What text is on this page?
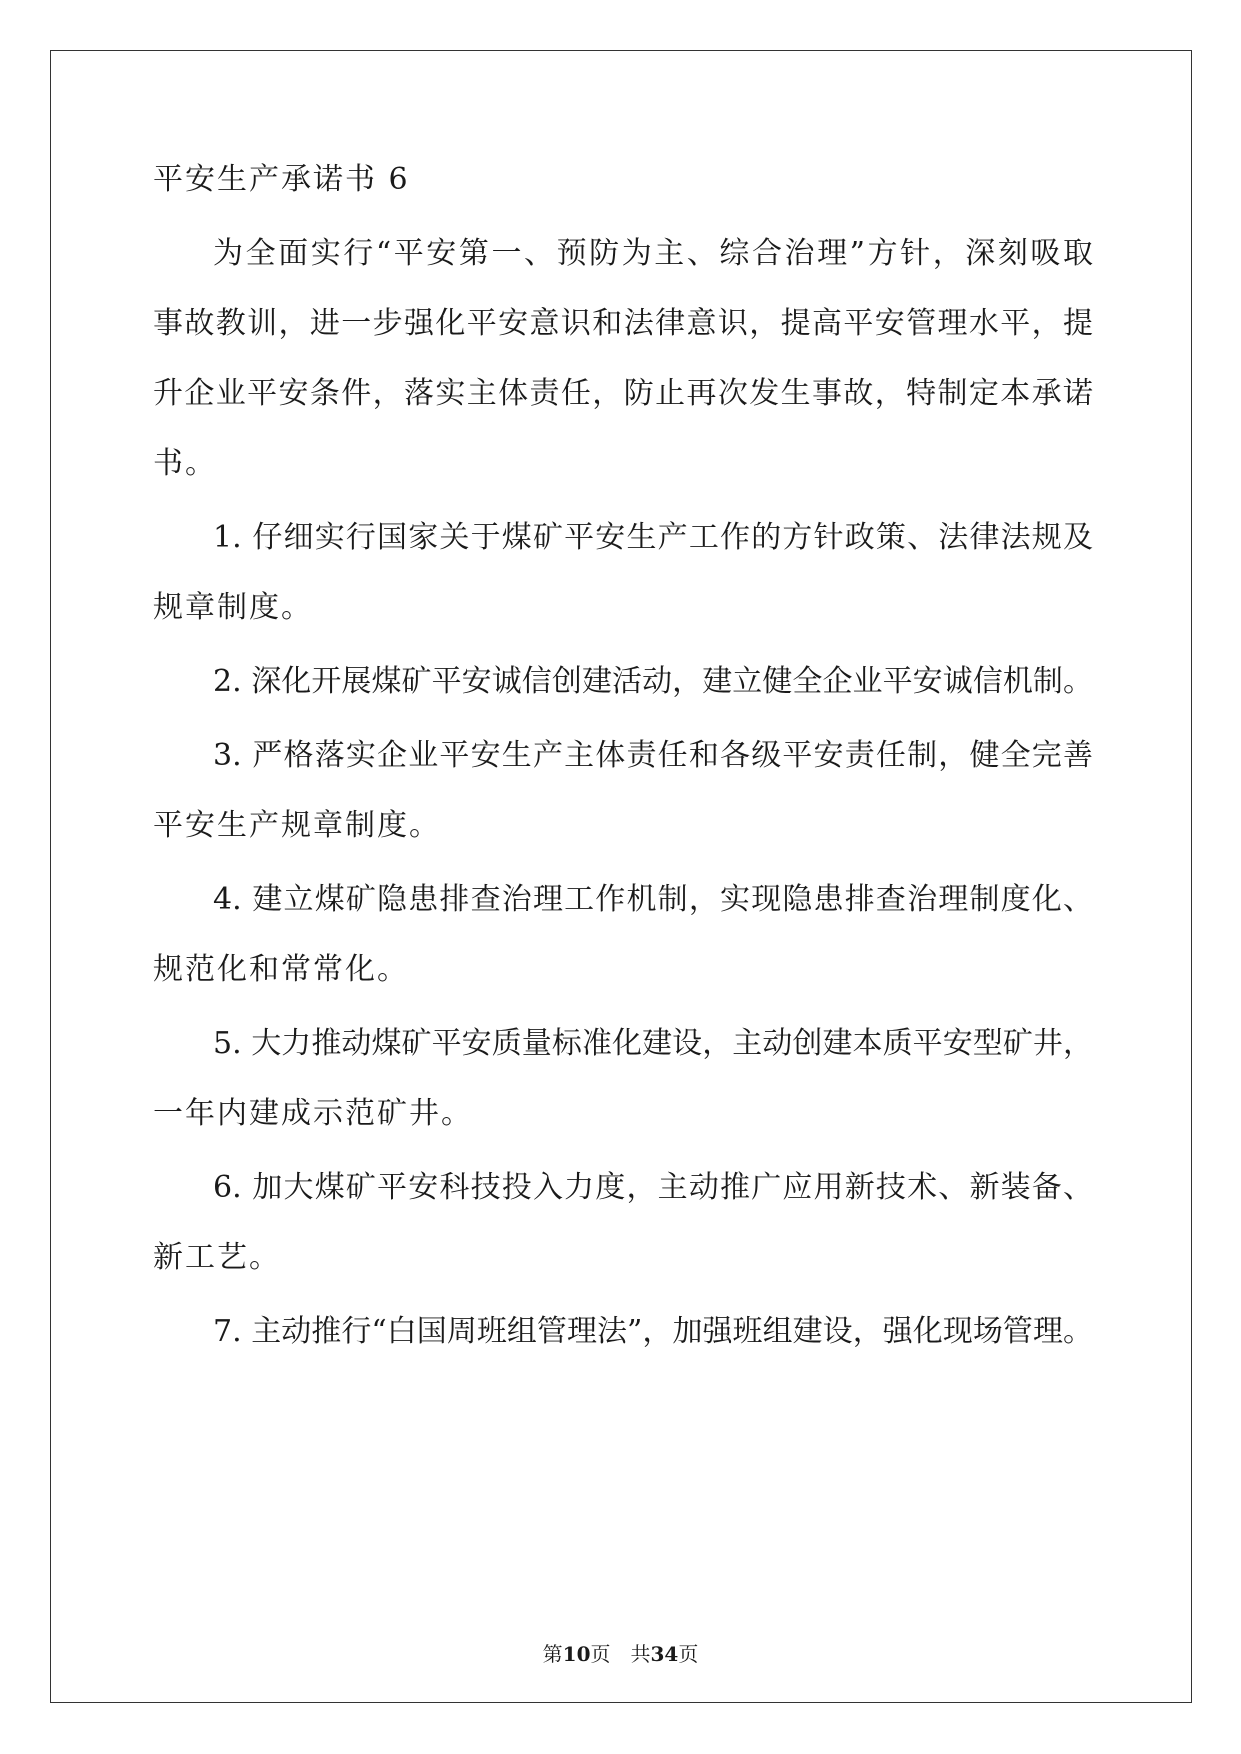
平安生产承诺书 6
为全面实行“平安第一、预防为主、综合治理”方针，深刻吸取
事故教训，进一步强化平安意识和法律意识，提高平安管理水平，提
升企业平安条件，落实主体责任，防止再次发生事故，特制定本承诺
书。
1. 仔细实行国家关于煤矿平安生产工作的方针政策、法律法规及
规章制度。
2. 深化开展煤矿平安诚信创建活动，建立健全企业平安诚信机制。
3. 严格落实企业平安生产主体责任和各级平安责任制，健全完善
平安生产规章制度。
4. 建立煤矿隐患排查治理工作机制，实现隐患排查治理制度化、
规范化和常常化。
5. 大力推动煤矿平安质量标准化建设，主动创建本质平安型矿井，
一年内建成示范矿井。
6. 加大煤矿平安科技投入力度，主动推广应用新技术、新装备、
新工艺。
7. 主动推行“白国周班组管理法”，加强班组建设，强化现场管理。
第10页　共34页
